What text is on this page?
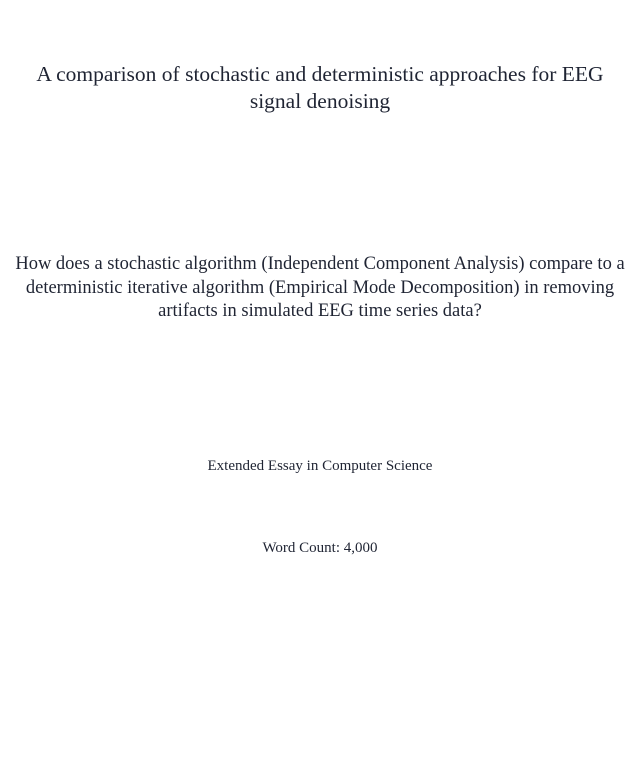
A comparison of stochastic and deterministic approaches for EEG signal denoising

How does a stochastic algorithm (Independent Component Analysis) compare to a deterministic iterative algorithm (Empirical Mode Decomposition) in removing artifacts in simulated EEG time series data?

Extended Essay in Computer Science

Word Count: 4,000
